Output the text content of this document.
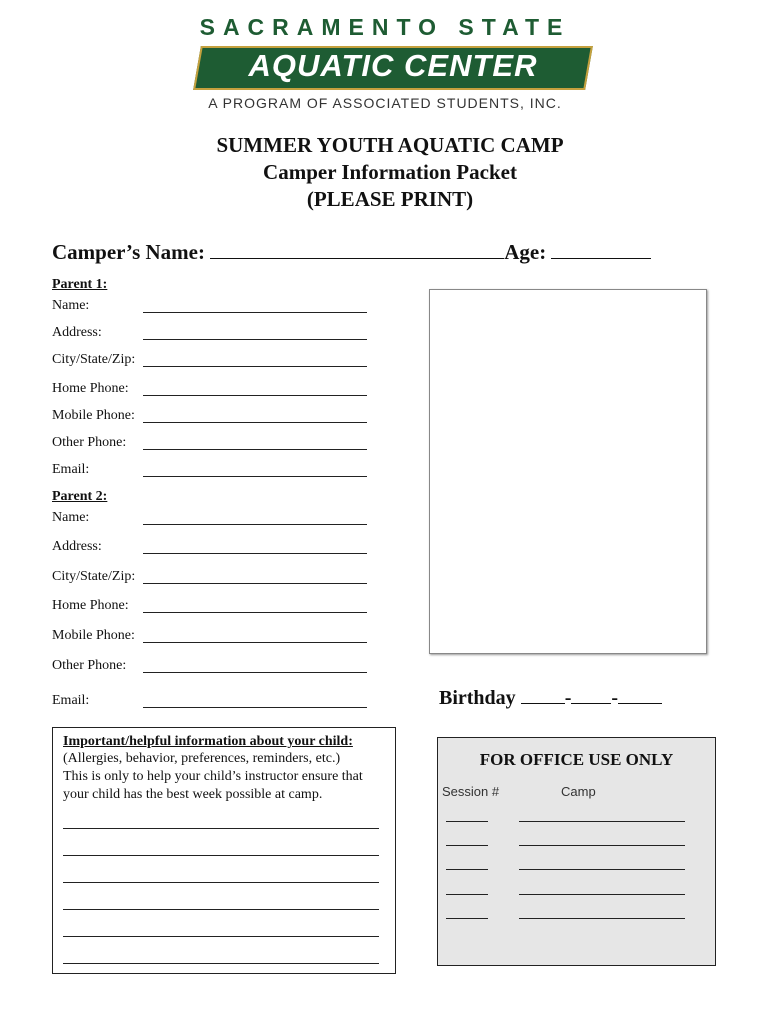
SACRAMENTO STATE
AQUATIC CENTER
A PROGRAM OF ASSOCIATED STUDENTS, INC.
SUMMER YOUTH AQUATIC CAMP
Camper Information Packet
(PLEASE PRINT)
Camper’s Name:	Age:
Parent 1:
Name:
Address:
City/State/Zip:
Home Phone:
Mobile Phone:
Other Phone:
Email:
Parent 2:
Name:
Address:
City/State/Zip:
Home Phone:
Mobile Phone:
Other Phone:
Email:	Birthday - -
Important/helpful information about your child:
(Allergies, behavior, preferences, reminders, etc.)
This is only to help your child’s instructor ensure that
your child has the best week possible at camp.
FOR OFFICE USE ONLY
Session #	Camp
